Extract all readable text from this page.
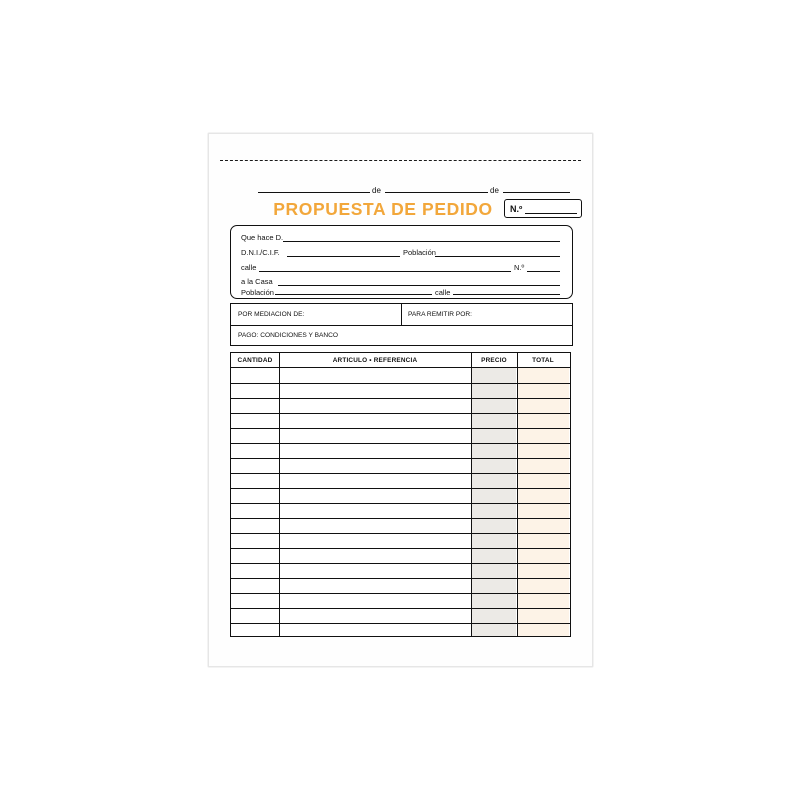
de	de
PROPUESTA DE PEDIDO	N.º
Que hace D.
D.N.I./C.I.F.	Población
calle	N.º
a la Casa
Población	calle
POR MEDIACION DE:	PARA REMITIR POR:
PAGO: CONDICIONES Y BANCO
CANTIDAD	ARTICULO • REFERENCIA	PRECIO	TOTAL
